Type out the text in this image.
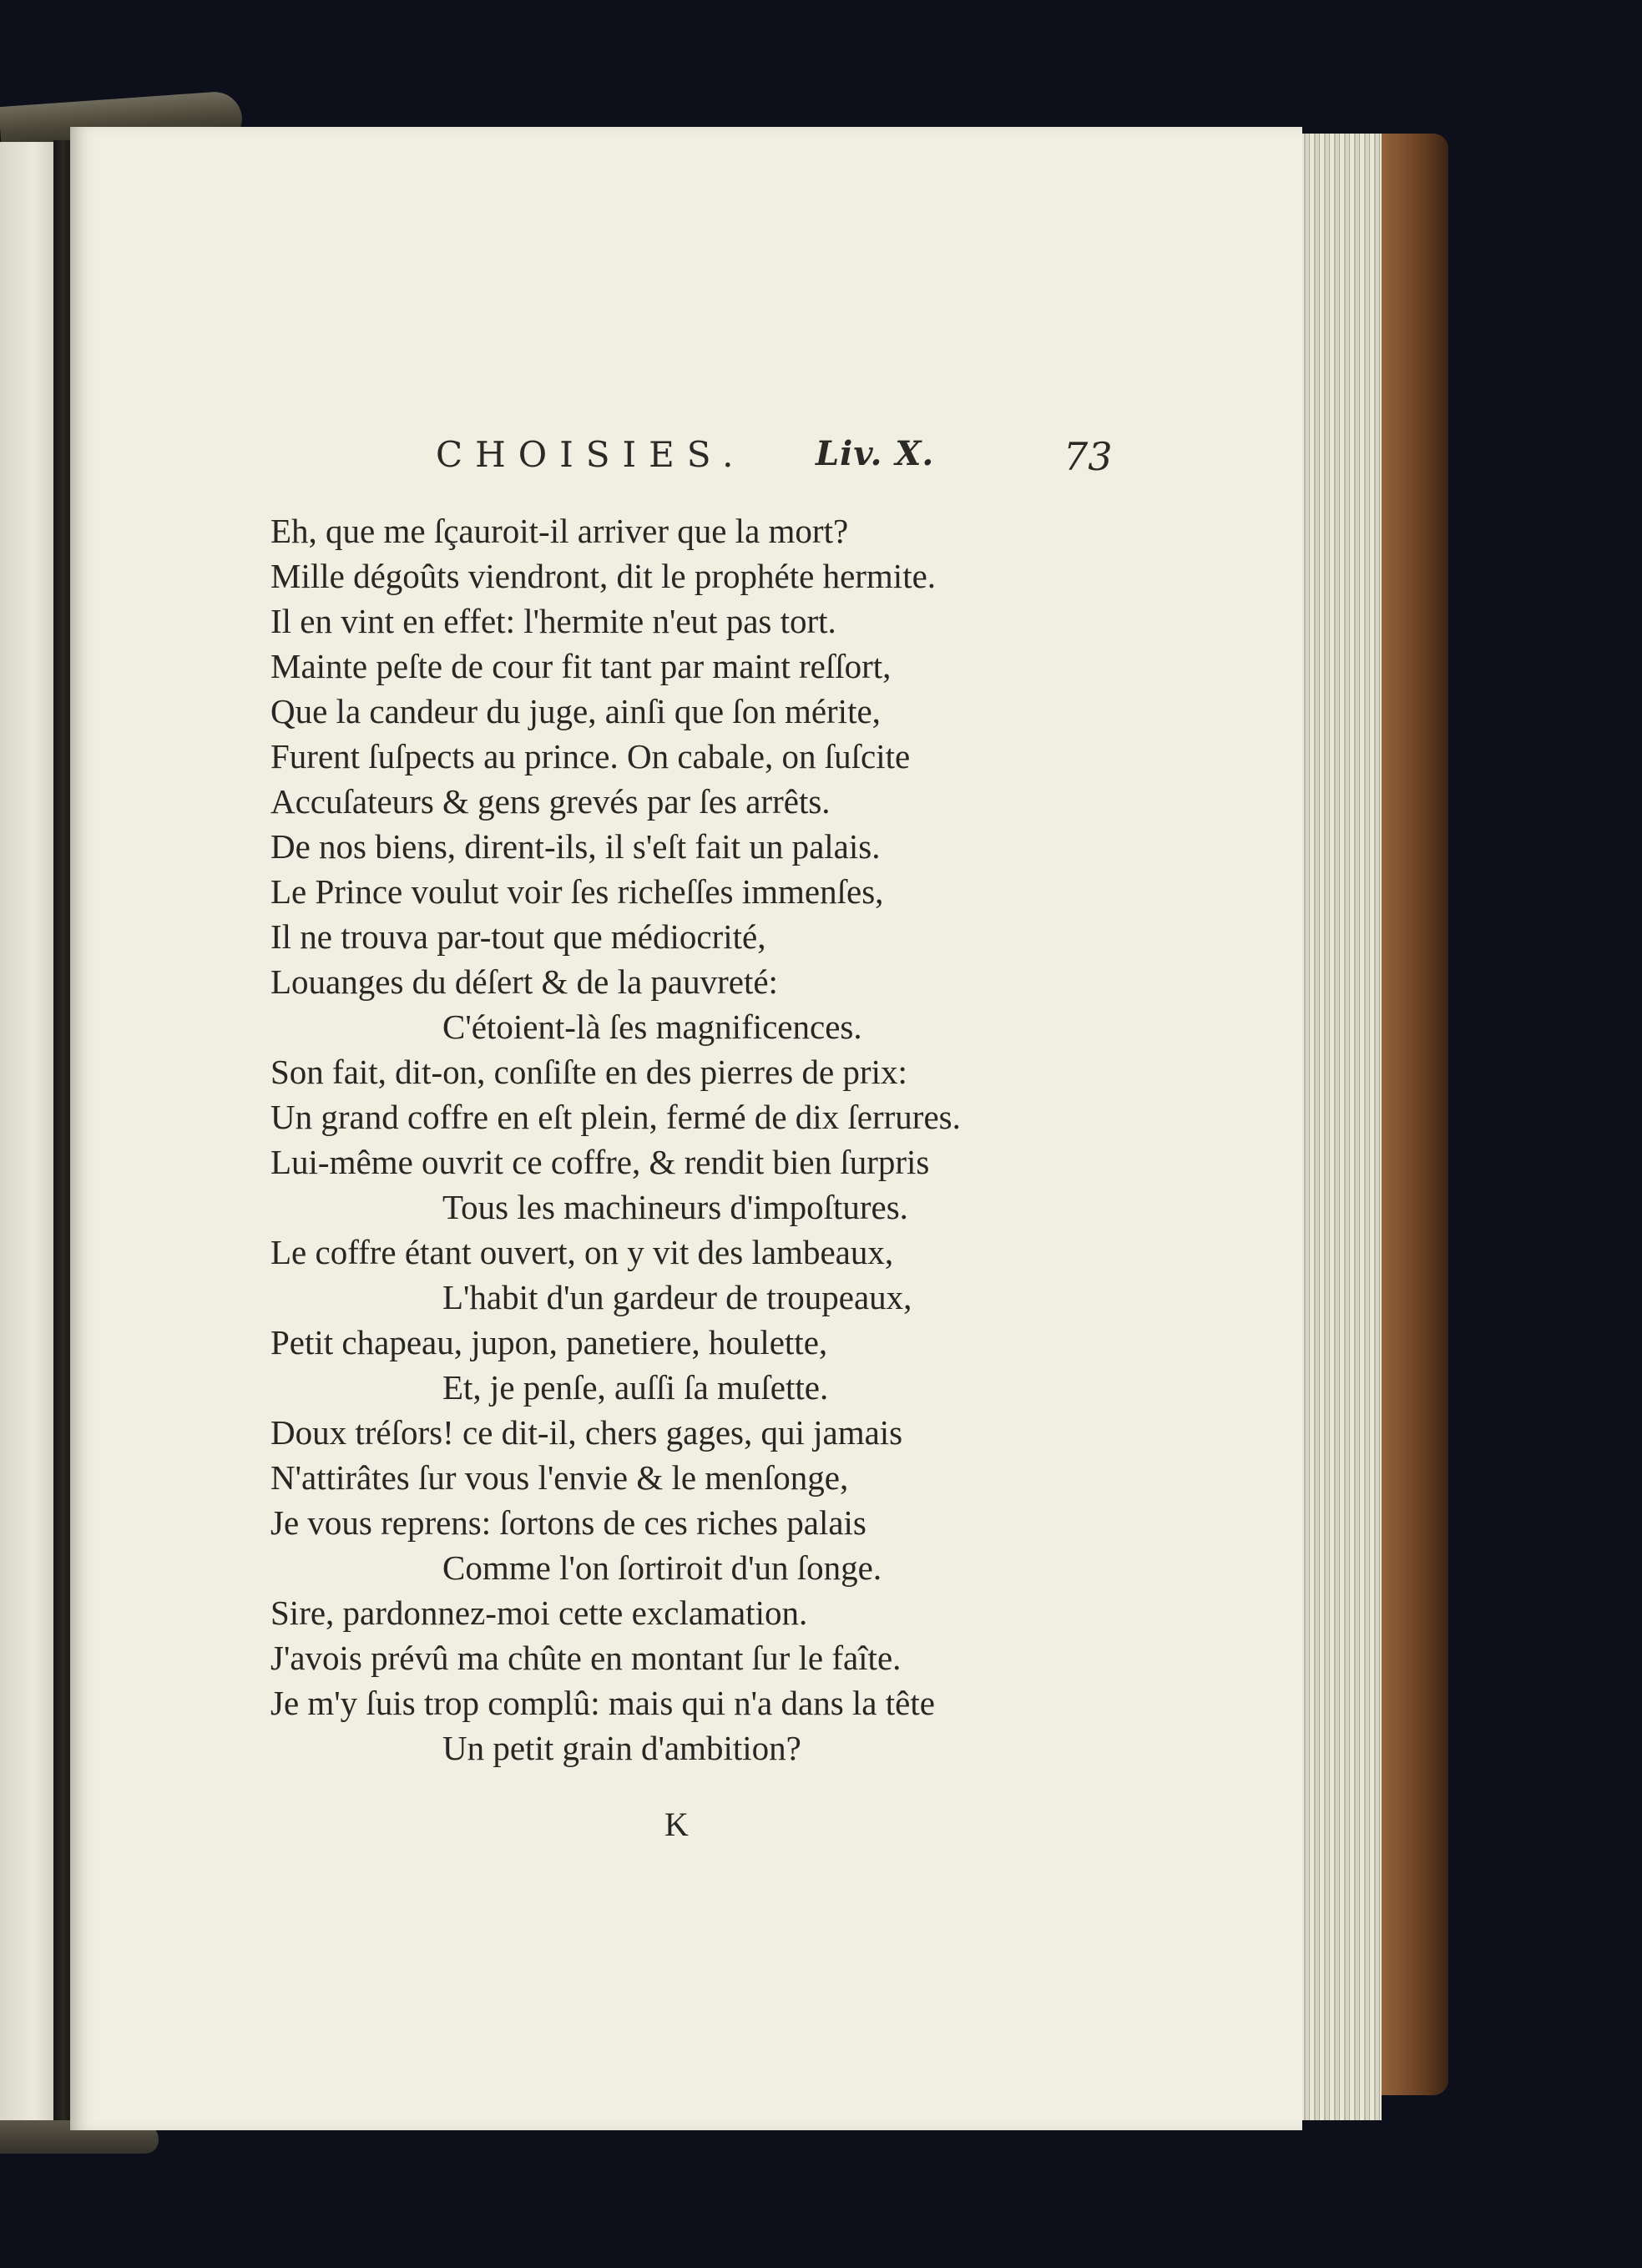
CHOISIES. Liv. X.	73
Eh, que me ſçauroit-il arriver que la mort?
Mille dégoûts viendront, dit le prophéte hermite.
Il en vint en effet: l'hermite n'eut pas tort.
Mainte peſte de cour fit tant par maint reſſort,
Que la candeur du juge, ainſi que ſon mérite,
Furent ſuſpects au prince. On cabale, on ſuſcite
Accuſateurs & gens grevés par ſes arrêts.
De nos biens, dirent-ils, il s'eſt fait un palais.
Le Prince voulut voir ſes richeſſes immenſes,
Il ne trouva par-tout que médiocrité,
Louanges du déſert & de la pauvreté:
C'étoient-là ſes magnificences.
Son fait, dit-on, conſiſte en des pierres de prix:
Un grand coffre en eſt plein, fermé de dix ſerrures.
Lui-même ouvrit ce coffre, & rendit bien ſurpris
Tous les machineurs d'impoſtures.
Le coffre étant ouvert, on y vit des lambeaux,
L'habit d'un gardeur de troupeaux,
Petit chapeau, jupon, panetiere, houlette,
Et, je penſe, auſſi ſa muſette.
Doux tréſors! ce dit-il, chers gages, qui jamais
N'attirâtes ſur vous l'envie & le menſonge,
Je vous reprens: ſortons de ces riches palais
Comme l'on ſortiroit d'un ſonge.
Sire, pardonnez-moi cette exclamation.
J'avois prévû ma chûte en montant ſur le faîte.
Je m'y ſuis trop complû: mais qui n'a dans la tête
Un petit grain d'ambition?
K
